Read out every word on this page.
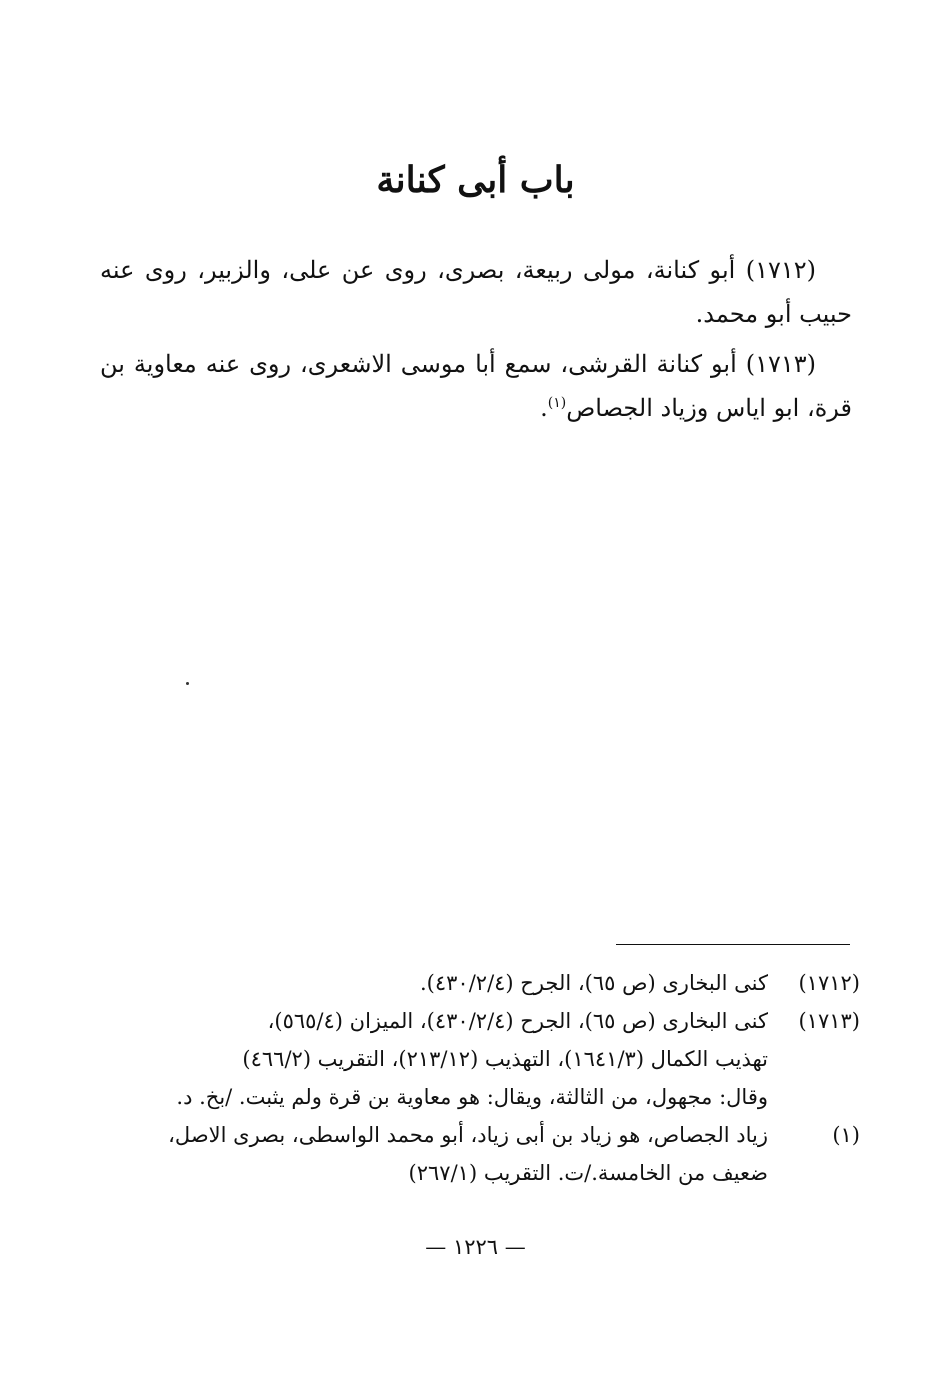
باب أبى كنانة

(١٧١٢) أبو كنانة، مولى ربيعة، بصرى، روى عن على، والزبير، روى عنه حبيب أبو محمد.

(١٧١٣) أبو كنانة القرشى، سمع أبا موسى الاشعرى، روى عنه معاوية بن قرة، ابو اياس وزياد الجصاص$^{(١)}$.

(١٧١٢)
كنى البخارى (ص ٦٥)، الجرح (٤٣٠/٢/٤).
(١٧١٣)
كنى البخارى (ص ٦٥)، الجرح (٤٣٠/٢/٤)، الميزان (٥٦٥/٤)،
تهذيب الكمال (١٦٤١/٣)، التهذيب (٢١٣/١٢)، التقريب (٤٦٦/٢)
وقال: مجهول، من الثالثة، ويقال: هو معاوية بن قرة ولم يثبت. /بخ. د.
(١)
زياد الجصاص، هو زياد بن أبى زياد، أبو محمد الواسطى، بصرى الاصل،
ضعيف من الخامسة./ت. التقريب (٢٦٧/١)
— ١٢٢٦ —
